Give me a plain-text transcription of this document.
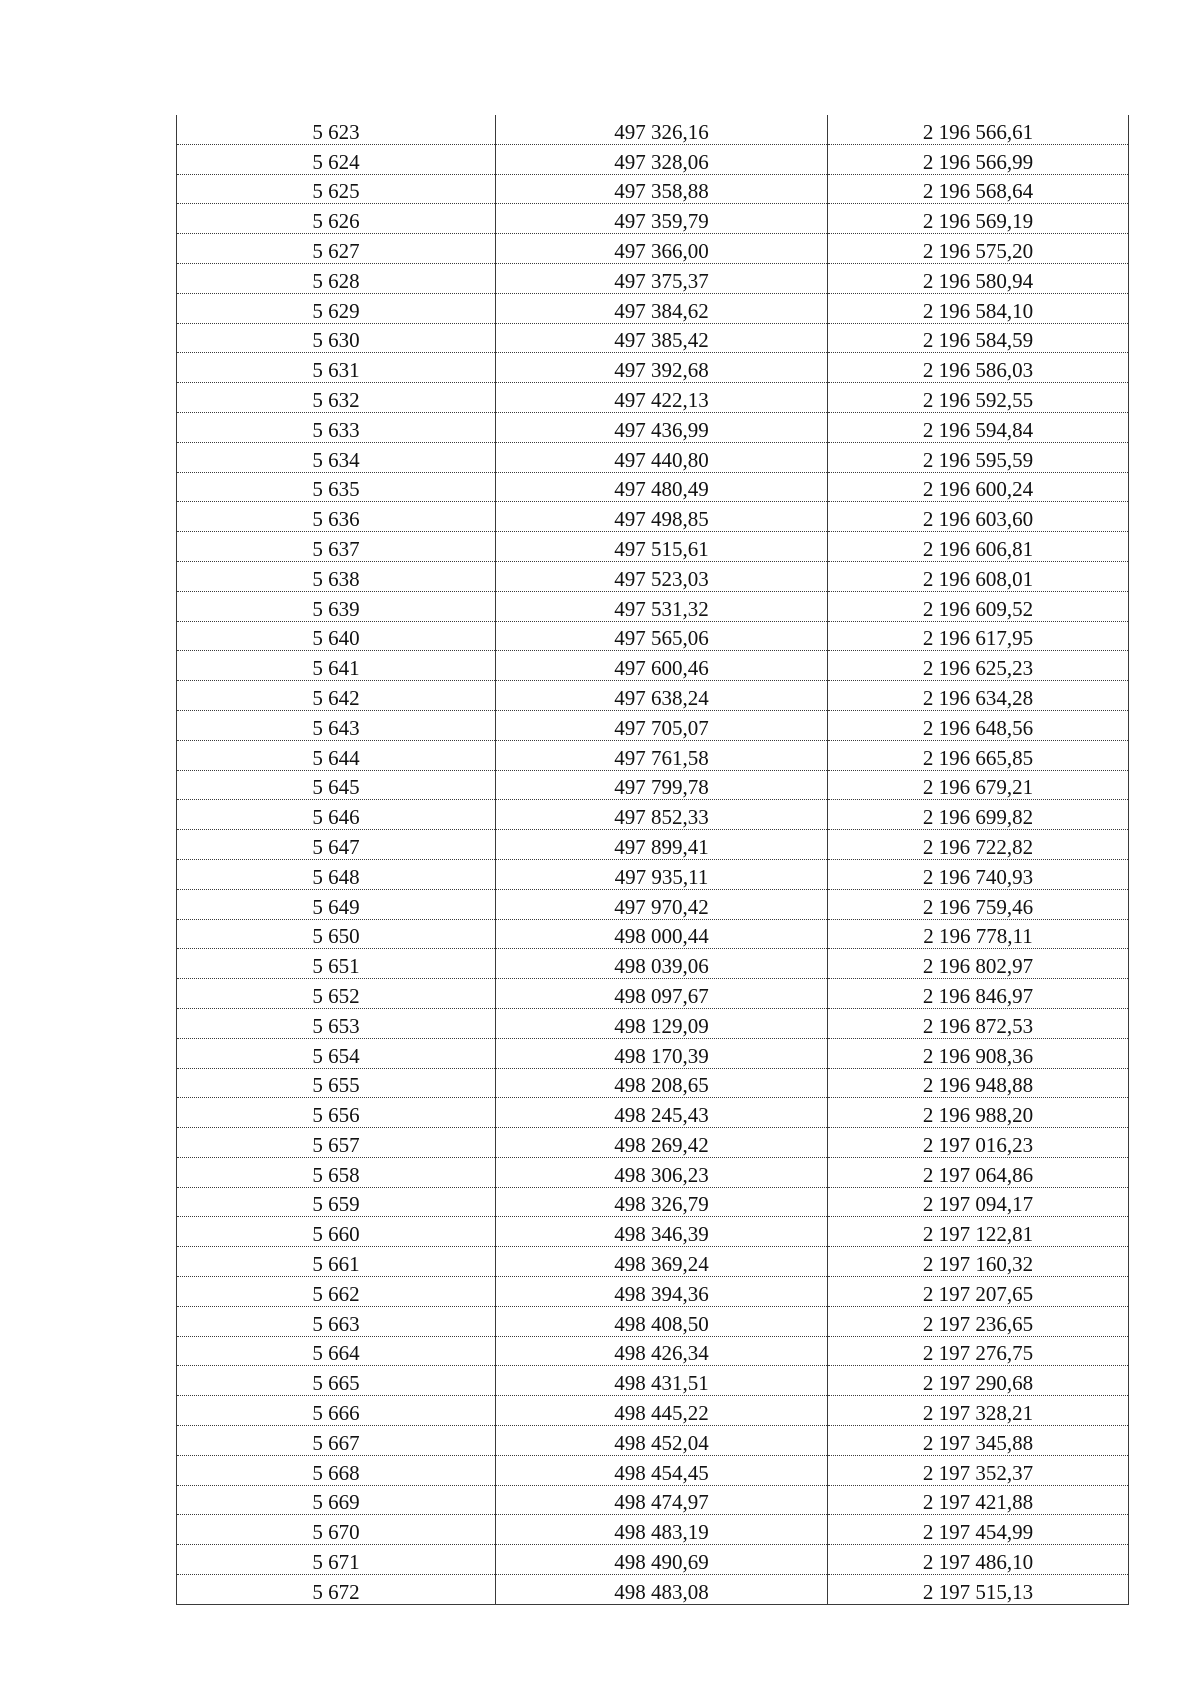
5 623	497 326,16	2 196 566,61
5 624	497 328,06	2 196 566,99
5 625	497 358,88	2 196 568,64
5 626	497 359,79	2 196 569,19
5 627	497 366,00	2 196 575,20
5 628	497 375,37	2 196 580,94
5 629	497 384,62	2 196 584,10
5 630	497 385,42	2 196 584,59
5 631	497 392,68	2 196 586,03
5 632	497 422,13	2 196 592,55
5 633	497 436,99	2 196 594,84
5 634	497 440,80	2 196 595,59
5 635	497 480,49	2 196 600,24
5 636	497 498,85	2 196 603,60
5 637	497 515,61	2 196 606,81
5 638	497 523,03	2 196 608,01
5 639	497 531,32	2 196 609,52
5 640	497 565,06	2 196 617,95
5 641	497 600,46	2 196 625,23
5 642	497 638,24	2 196 634,28
5 643	497 705,07	2 196 648,56
5 644	497 761,58	2 196 665,85
5 645	497 799,78	2 196 679,21
5 646	497 852,33	2 196 699,82
5 647	497 899,41	2 196 722,82
5 648	497 935,11	2 196 740,93
5 649	497 970,42	2 196 759,46
5 650	498 000,44	2 196 778,11
5 651	498 039,06	2 196 802,97
5 652	498 097,67	2 196 846,97
5 653	498 129,09	2 196 872,53
5 654	498 170,39	2 196 908,36
5 655	498 208,65	2 196 948,88
5 656	498 245,43	2 196 988,20
5 657	498 269,42	2 197 016,23
5 658	498 306,23	2 197 064,86
5 659	498 326,79	2 197 094,17
5 660	498 346,39	2 197 122,81
5 661	498 369,24	2 197 160,32
5 662	498 394,36	2 197 207,65
5 663	498 408,50	2 197 236,65
5 664	498 426,34	2 197 276,75
5 665	498 431,51	2 197 290,68
5 666	498 445,22	2 197 328,21
5 667	498 452,04	2 197 345,88
5 668	498 454,45	2 197 352,37
5 669	498 474,97	2 197 421,88
5 670	498 483,19	2 197 454,99
5 671	498 490,69	2 197 486,10
5 672	498 483,08	2 197 515,13
